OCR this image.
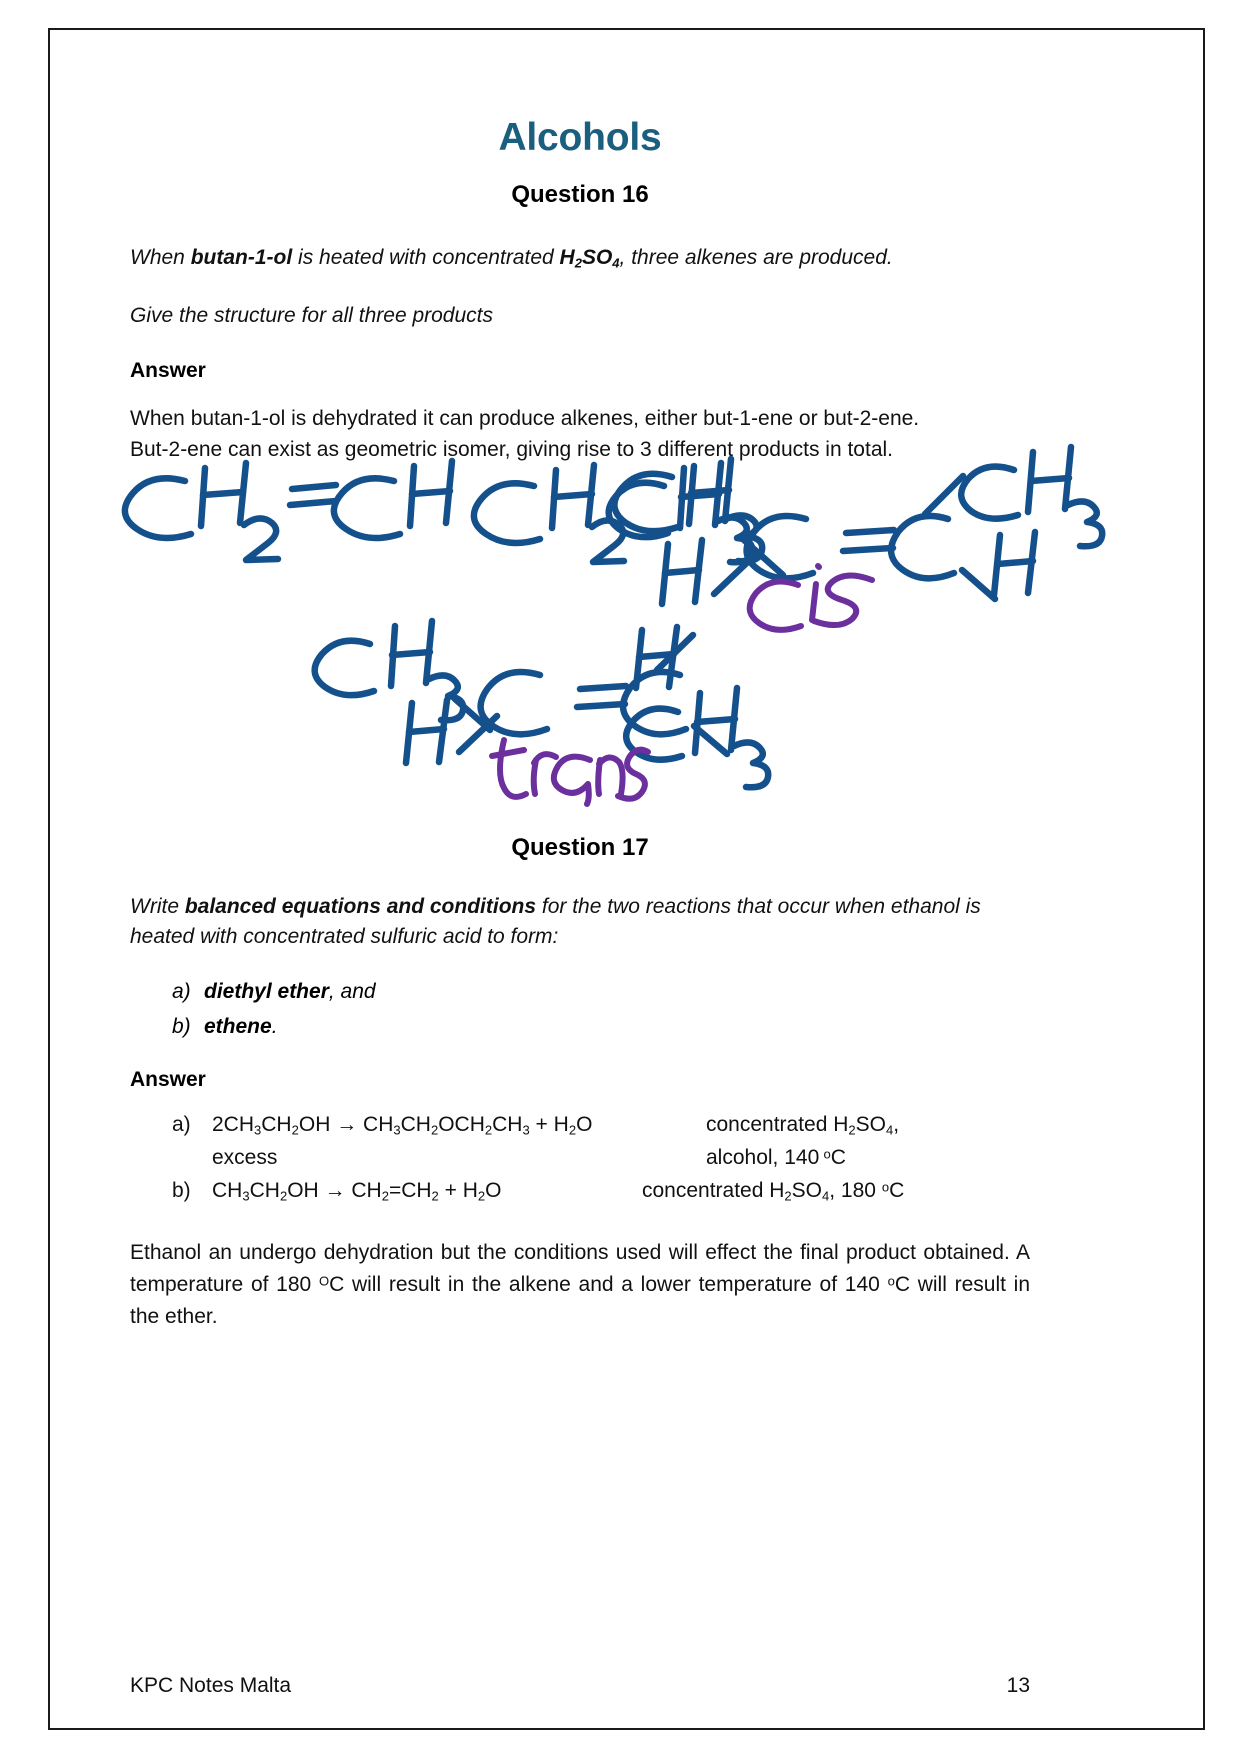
Alcohols
Question 16

When butan-1-ol is heated with concentrated $H_2SO_4$, three alkenes are produced.

Give the structure for all three products

Answer

When butan-1-ol is dehydrated it can produce alkenes, either but-1-ene or but-2-ene.
But-2-ene can exist as geometric isomer, giving rise to 3 different products in total.

Question 17

Write balanced equations and conditions for the two reactions that occur when ethanol is heated with concentrated sulfuric acid to form:

a) diethyl ether, and
b) ethene.
Answer
a)	$2CH_3CH_2OH \to CH_3CH_2OCH_2CH_3 + H_2O$	concentrated $H_2SO_4$,
excess	alcohol, 140 $^o$C
b)	$CH_3CH_2OH \to CH_2=CH_2 + H_2O$	concentrated $H_2SO_4$, 180 $^o$C

Ethanol an undergo dehydration but the conditions used will effect the final product obtained. A temperature of 180 $^O$C will result in the alkene and a lower temperature of 140 $^o$C will result in the ether.

KPC Notes Malta	13
